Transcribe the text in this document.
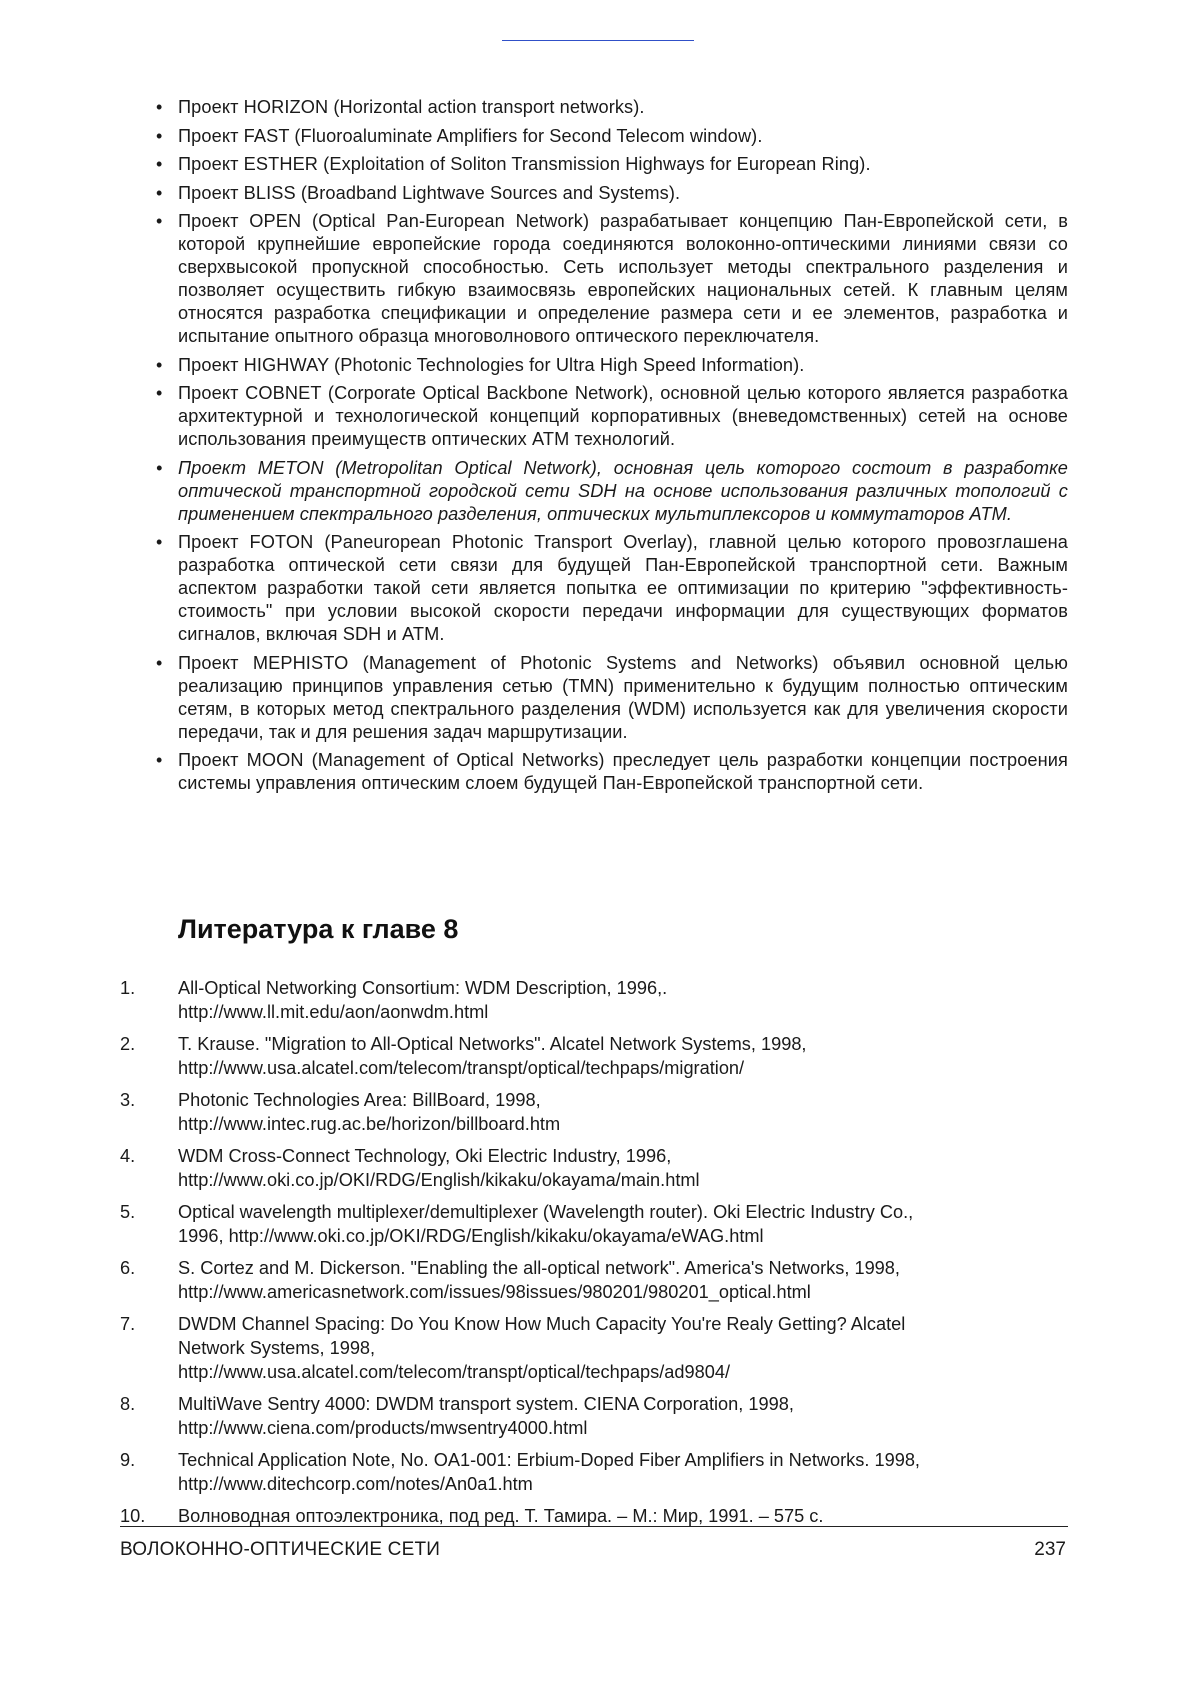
• Проект HORIZON (Horizontal action transport networks).
• Проект FAST (Fluoroaluminate Amplifiers for Second Telecom window).
• Проект ESTHER (Exploitation of Soliton Transmission Highways for European Ring).
• Проект BLISS (Broadband Lightwave Sources and Systems).
• Проект OPEN (Optical Pan-European Network) разрабатывает концепцию Пан-Европейской сети, в которой крупнейшие европейские города соединяются волоконно-оптическими линиями связи со сверхвысокой пропускной способностью. Сеть использует методы спектрального разделения и позволяет осуществить гибкую взаимосвязь европейских национальных сетей. К главным целям относятся разработка спецификации и определение размера сети и ее элементов, разработка и испытание опытного образца многоволнового оптического переключателя.
• Проект HIGHWAY (Photonic Technologies for Ultra High Speed Information).
• Проект COBNET (Corporate Optical Backbone Network), основной целью которого является разработка архитектурной и технологической концепций корпоративных (вневедомственных) сетей на основе использования преимуществ оптических ATM технологий.
• Проект METON (Metropolitan Optical Network), основная цель которого состоит в разработке оптической транспортной городской сети SDH на основе использования различных топологий с применением спектрального разделения, оптических мультиплексоров и коммутаторов ATM.
• Проект FOTON (Paneuropean Photonic Transport Overlay), главной целью которого провозглашена разработка оптической сети связи для будущей Пан-Европейской транспортной сети. Важным аспектом разработки такой сети является попытка ее оптимизации по критерию "эффективность-стоимость" при условии высокой скорости передачи информации для существующих форматов сигналов, включая SDH и ATM.
• Проект MEPHISTO (Management of Photonic Systems and Networks) объявил основной целью реализацию принципов управления сетью (TMN) применительно к будущим полностью оптическим сетям, в которых метод спектрального разделения (WDM) используется как для увеличения скорости передачи, так и для решения задач маршрутизации.
• Проект MOON (Management of Optical Networks) преследует цель разработки концепции построения системы управления оптическим слоем будущей Пан-Европейской транспортной сети.
Литература к главе 8
1.	All-Optical Networking Consortium: WDM Description, 1996,.
http://www.ll.mit.edu/aon/aonwdm.html
2.	T. Krause. "Migration to All-Optical Networks". Alcatel Network Systems, 1998,
http://www.usa.alcatel.com/telecom/transpt/optical/techpaps/migration/
3.	Photonic Technologies Area: BillBoard, 1998,
http://www.intec.rug.ac.be/horizon/billboard.htm
4.	WDM Cross-Connect Technology, Oki Electric Industry, 1996,
http://www.oki.co.jp/OKI/RDG/English/kikaku/okayama/main.html
5.	Optical wavelength multiplexer/demultiplexer (Wavelength router). Oki Electric Industry Co.,
1996, http://www.oki.co.jp/OKI/RDG/English/kikaku/okayama/eWAG.html
6.	S. Cortez and M. Dickerson. "Enabling the all-optical network". America's Networks, 1998,
http://www.americasnetwork.com/issues/98issues/980201/980201_optical.html
7.	DWDM Channel Spacing: Do You Know How Much Capacity You're Realy Getting? Alcatel
Network Systems, 1998,
http://www.usa.alcatel.com/telecom/transpt/optical/techpaps/ad9804/
8.	MultiWave Sentry 4000: DWDM transport system. CIENA Corporation, 1998,
http://www.ciena.com/products/mwsentry4000.html
9.	Technical Application Note, No. OA1-001: Erbium-Doped Fiber Amplifiers in Networks. 1998,
http://www.ditechcorp.com/notes/An0a1.htm
10. Волноводная оптоэлектроника, под ред. Т. Тамира. – М.: Мир, 1991. – 575 с.
ВОЛОКОННО-ОПТИЧЕСКИЕ СЕТИ	237
